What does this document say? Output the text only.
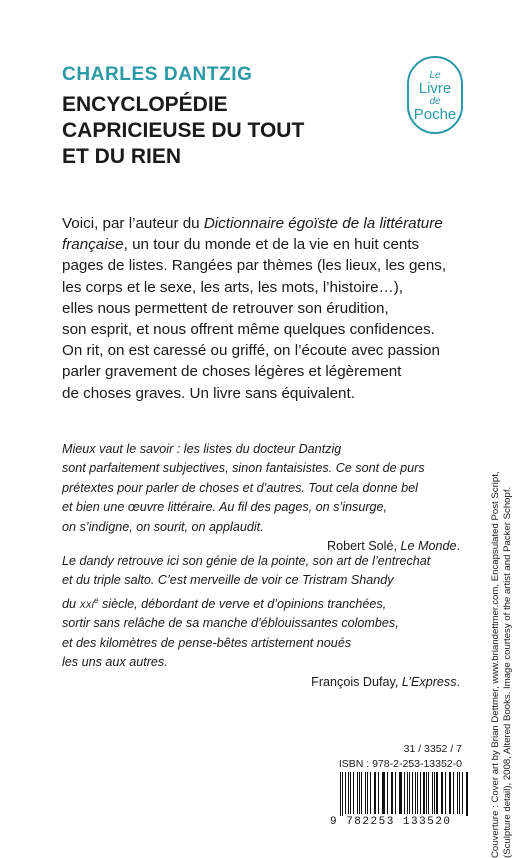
CHARLES DANTZIG
ENCYCLOPÉDIE
CAPRICIEUSE DU TOUT
ET DU RIEN
Le
Livre
de
Poche
Voici, par l’auteur du Dictionnaire égoïste de la littérature
française, un tour du monde et de la vie en huit cents
pages de listes. Rangées par thèmes (les lieux, les gens,
les corps et le sexe, les arts, les mots, l’histoire…),
elles nous permettent de retrouver son érudition,
son esprit, et nous offrent même quelques confidences.
On rit, on est caressé ou griffé, on l’écoute avec passion
parler gravement de choses légères et légèrement
de choses graves. Un livre sans équivalent.
Mieux vaut le savoir : les listes du docteur Dantzig
sont parfaitement subjectives, sinon fantaisistes. Ce sont de purs
prétextes pour parler de choses et d’autres. Tout cela donne bel
et bien une œuvre littéraire. Au fil des pages, on s’insurge,
on s’indigne, on sourit, on applaudit.
Robert Solé, Le Monde.
Le dandy retrouve ici son génie de la pointe, son art de l’entrechat
et du triple salto. C’est merveille de voir ce Tristram Shandy
du xxi$^e$ siècle, débordant de verve et d’opinions tranchées,
sortir sans relâche de sa manche d’éblouissantes colombes,
et des kilomètres de pense-bêtes artistement noués
les uns aux autres.
François Dufay, L’Express.	Couverture : Cover art by Brian Dettmer, www.briandettmer.com, Encapsulated Post Script, (Sculpture detail), 2008, Altered Books. Image courtesy of the artist and Packer Schopf.
31 / 3352 / 7
ISBN : 978-2-253-13352-0
9 782253 133520
